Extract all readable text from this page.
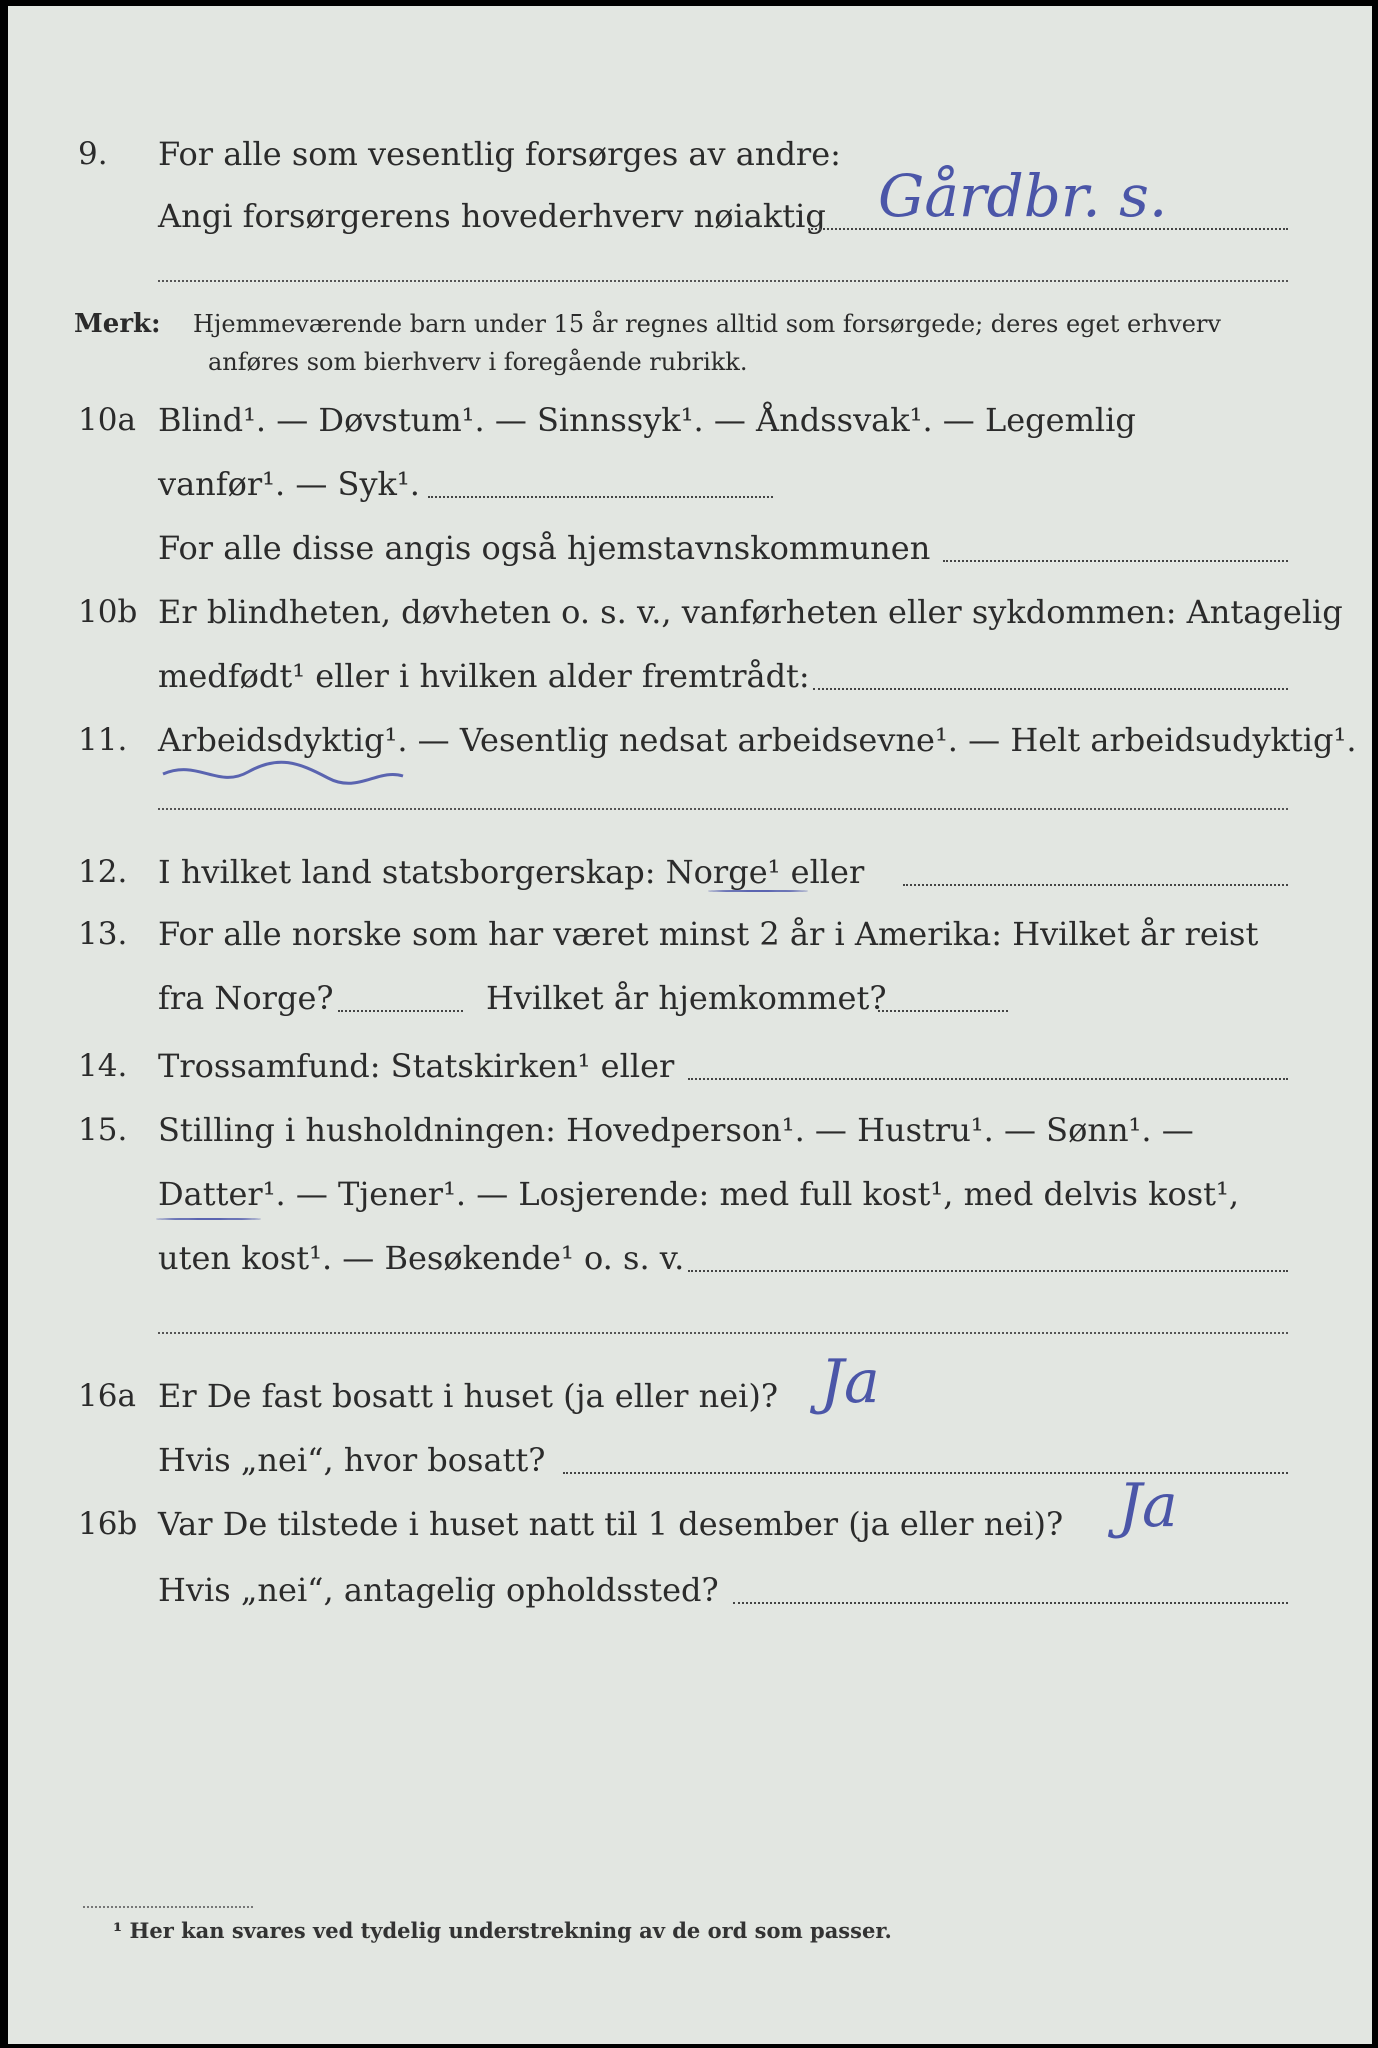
9. For alle som vesentlig forsørges av andre:
Angi forsørgerens hovederhverv nøiaktig Gårdbr. s.
Merk: Hjemmeværende barn under 15 år regnes alltid som forsørgede; deres eget erhverv
anføres som bierhverv i foregående rubrikk.
10a Blind¹. — Døvstum¹. — Sinnssyk¹. — Åndssvak¹. — Legemlig
vanfør¹. — Syk¹.
For alle disse angis også hjemstavnskommunen
10b Er blindheten, døvheten o. s. v., vanførheten eller sykdommen: Antagelig
medfødt¹ eller i hvilken alder fremtrådt:
11. Arbeidsdyktig¹. — Vesentlig nedsat arbeidsevne¹. — Helt arbeidsudyktig¹.
12. I hvilket land statsborgerskap: Norge¹ eller
13. For alle norske som har været minst 2 år i Amerika: Hvilket år reist
fra Norge?	Hvilket år hjemkommet?
14. Trossamfund: Statskirken¹ eller
15. Stilling i husholdningen: Hovedperson¹. — Hustru¹. — Sønn¹. —
Datter¹. — Tjener¹. — Losjerende: med full kost¹, med delvis kost¹,
uten kost¹. — Besøkende¹ o. s. v.
16a Er De fast bosatt i huset (ja eller nei)? Ja
Hvis „nei“, hvor bosatt?
16b Var De tilstede i huset natt til 1 desember (ja eller nei)? Ja
Hvis „nei“, antagelig opholdssted?
¹ Her kan svares ved tydelig understrekning av de ord som passer.
